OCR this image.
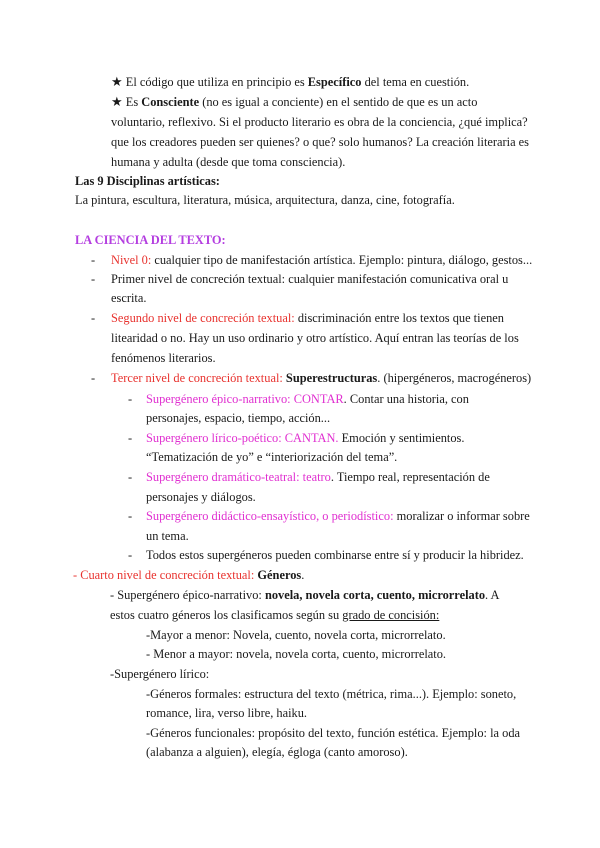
★ El código que utiliza en principio es Específico del tema en cuestión.
★ Es Consciente (no es igual a conciente) en el sentido de que es un acto
voluntario, reflexivo. Si el producto literario es obra de la conciencia, ¿qué implica?
que los creadores pueden ser quienes? o que? solo humanos? La creación literaria es
humana y adulta (desde que toma consciencia).
Las 9 Disciplinas artísticas:
La pintura, escultura, literatura, música, arquitectura, danza, cine, fotografía.
LA CIENCIA DEL TEXTO:
- Nivel 0: cualquier tipo de manifestación artística. Ejemplo: pintura, diálogo, gestos...
- Primer nivel de concreción textual: cualquier manifestación comunicativa oral u
escrita.
- Segundo nivel de concreción textual: discriminación entre los textos que tienen
litearidad o no. Hay un uso ordinario y otro artístico. Aquí entran las teorías de los
fenómenos literarios.
- Tercer nivel de concreción textual: Superestructuras. (hipergéneros, macrogéneros)
- Supergénero épico-narrativo: CONTAR. Contar una historia, con
personajes, espacio, tiempo, acción...
- Supergénero lírico-poético: CANTAN. Emoción y sentimientos.
“Tematización de yo” e “interiorización del tema”.
- Supergénero dramático-teatral: teatro. Tiempo real, representación de
personajes y diálogos.
- Supergénero didáctico-ensayístico, o periodístico: moralizar o informar sobre
un tema.
- Todos estos supergéneros pueden combinarse entre sí y producir la hibridez.
- Cuarto nivel de concreción textual: Géneros.
- Supergénero épico-narrativo: novela, novela corta, cuento, microrrelato. A
estos cuatro géneros los clasificamos según su grado de concisión:
-Mayor a menor: Novela, cuento, novela corta, microrrelato.
- Menor a mayor: novela, novela corta, cuento, microrrelato.
-Supergénero lírico:
-Géneros formales: estructura del texto (métrica, rima...). Ejemplo: soneto,
romance, lira, verso libre, haiku.
-Géneros funcionales: propósito del texto, función estética. Ejemplo: la oda
(alabanza a alguien), elegía, égloga (canto amoroso).
